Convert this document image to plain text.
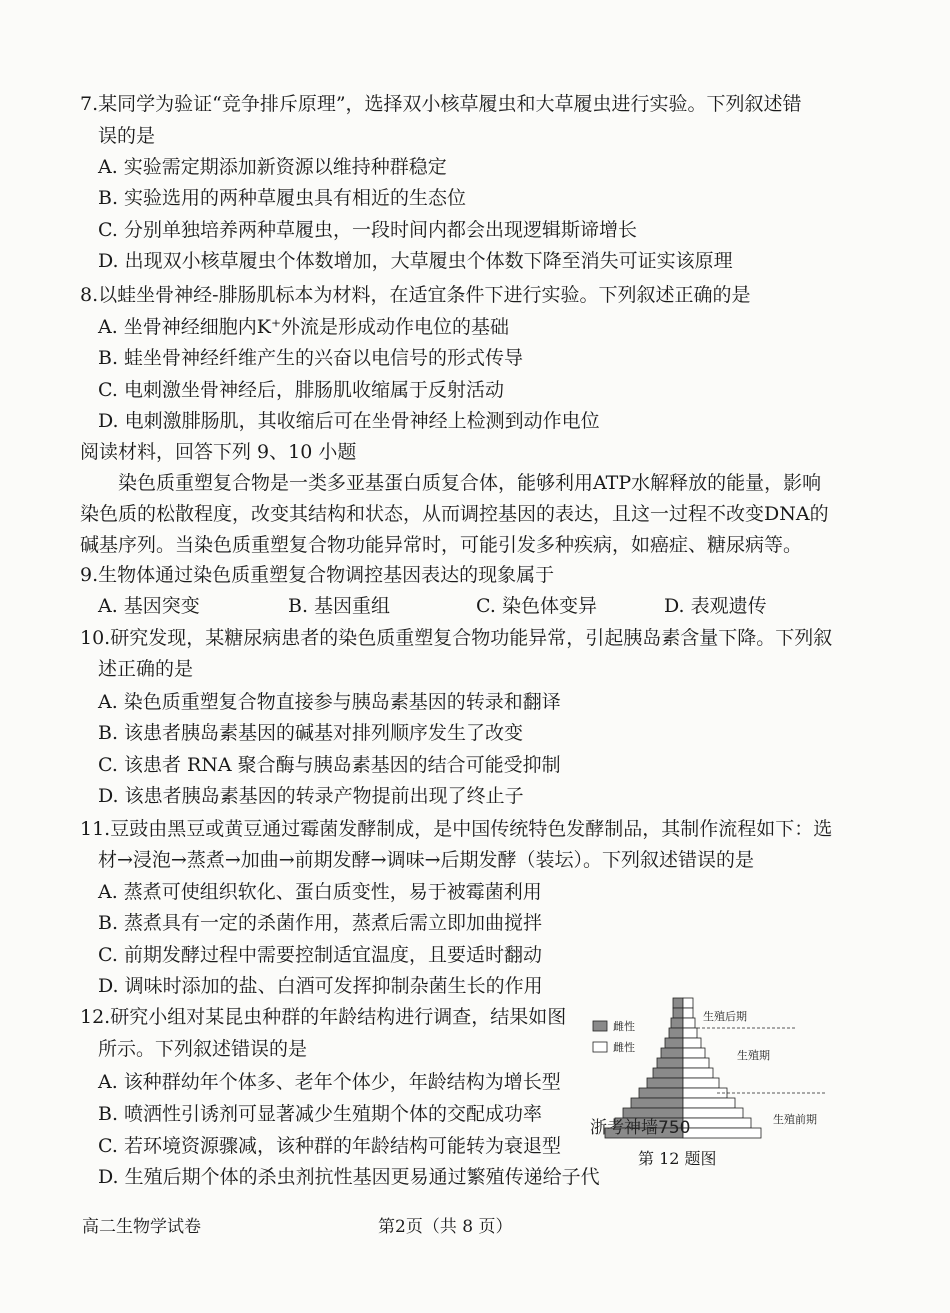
7.某同学为验证“竞争排斥原理”，选择双小核草履虫和大草履虫进行实验。下列叙述错
误的是
A. 实验需定期添加新资源以维持种群稳定
B. 实验选用的两种草履虫具有相近的生态位
C. 分别单独培养两种草履虫，一段时间内都会出现逻辑斯谛增长
D. 出现双小核草履虫个体数增加，大草履虫个体数下降至消失可证实该原理
8.以蛙坐骨神经-腓肠肌标本为材料，在适宜条件下进行实验。下列叙述正确的是
A. 坐骨神经细胞内K⁺外流是形成动作电位的基础
B. 蛙坐骨神经纤维产生的兴奋以电信号的形式传导
C. 电刺激坐骨神经后，腓肠肌收缩属于反射活动
D. 电刺激腓肠肌，其收缩后可在坐骨神经上检测到动作电位
阅读材料，回答下列 9、10 小题
染色质重塑复合物是一类多亚基蛋白质复合体，能够利用ATP水解释放的能量，影响
染色质的松散程度，改变其结构和状态，从而调控基因的表达，且这一过程不改变DNA的
碱基序列。当染色质重塑复合物功能异常时，可能引发多种疾病，如癌症、糖尿病等。
9.生物体通过染色质重塑复合物调控基因表达的现象属于
A. 基因突变	B. 基因重组	C. 染色体变异	D. 表观遗传
10.研究发现，某糖尿病患者的染色质重塑复合物功能异常，引起胰岛素含量下降。下列叙
述正确的是
A. 染色质重塑复合物直接参与胰岛素基因的转录和翻译
B. 该患者胰岛素基因的碱基对排列顺序发生了改变
C. 该患者 RNA 聚合酶与胰岛素基因的结合可能受抑制
D. 该患者胰岛素基因的转录产物提前出现了终止子
11.豆豉由黑豆或黄豆通过霉菌发酵制成，是中国传统特色发酵制品，其制作流程如下：选
材→浸泡→蒸煮→加曲→前期发酵→调味→后期发酵（装坛）。下列叙述错误的是
A. 蒸煮可使组织软化、蛋白质变性，易于被霉菌利用
B. 蒸煮具有一定的杀菌作用，蒸煮后需立即加曲搅拌
C. 前期发酵过程中需要控制适宜温度，且要适时翻动
D. 调味时添加的盐、白酒可发挥抑制杂菌生长的作用
12.研究小组对某昆虫种群的年龄结构进行调查，结果如图
所示。下列叙述错误的是
A. 该种群幼年个体多、老年个体少，年龄结构为增长型
B. 喷洒性引诱剂可显著减少生殖期个体的交配成功率
C. 若环境资源骤减，该种群的年龄结构可能转为衰退型
D. 生殖后期个体的杀虫剂抗性基因更易通过繁殖传递给子代
雌性
雌性
生殖后期
生殖期
生殖前期
浙考神墙750
第 12 题图
高二生物学试卷	第2页（共 8 页）
